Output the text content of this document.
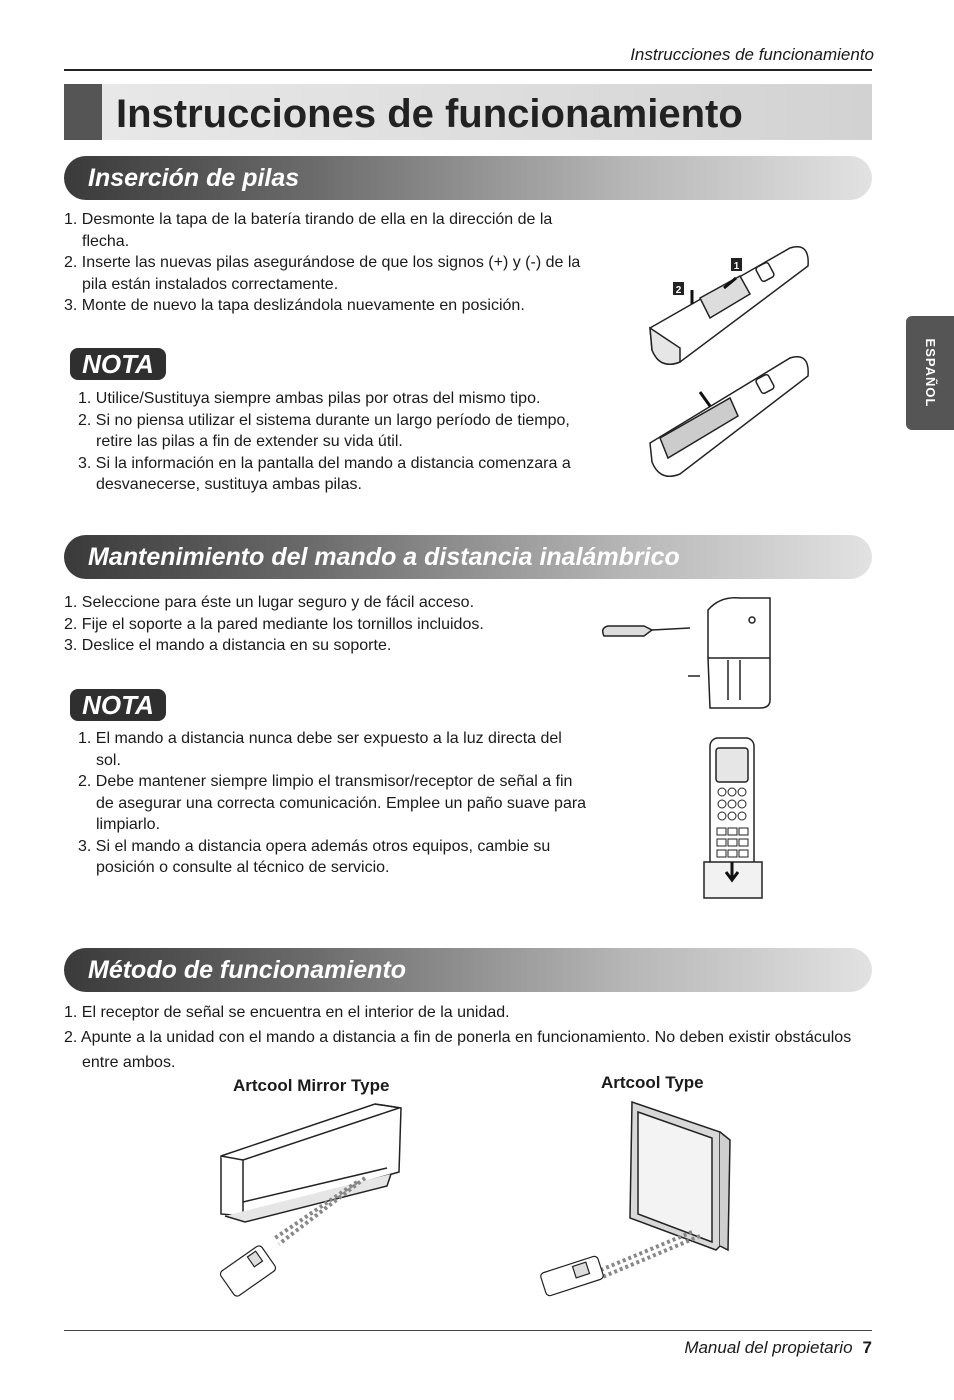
Instrucciones de funcionamiento
Instrucciones de funcionamiento
ESPAÑOL
Inserción de pilas
1. Desmonte la tapa de la batería tirando de ella en la dirección de la flecha.
2. Inserte las nuevas pilas asegurándose de que los signos (+) y (-) de la pila están instalados correctamente.
3. Monte de nuevo la tapa deslizándola nuevamente en posición.
NOTA
1. Utilice/Sustituya siempre ambas pilas por otras del mismo tipo.
2. Si no piensa utilizar el sistema durante un largo período de tiempo, retire las pilas a fin de extender su vida útil.
3. Si la información en la pantalla del mando a distancia comenzara a desvanecerse, sustituya ambas pilas.
1
2
Mantenimiento del mando a distancia inalámbrico
1. Seleccione para éste un lugar seguro y de fácil acceso.
2. Fije el soporte a la pared mediante los tornillos incluidos.
3. Deslice el mando a distancia en su soporte.
NOTA
1. El mando a distancia nunca debe ser expuesto a la luz directa del sol.
2. Debe mantener siempre limpio el transmisor/receptor de señal a fin de asegurar una correcta comunicación. Emplee un paño suave para limpiarlo.
3. Si el mando a distancia opera además otros equipos, cambie su posición o consulte al técnico de servicio.
Método de funcionamiento
1. El receptor de señal se encuentra en el interior de la unidad.
2. Apunte a la unidad con el mando a distancia a fin de ponerla en funcionamiento. No deben existir obstáculos entre ambos.
Artcool Mirror Type	Artcool Type
Manual del propietario 7
